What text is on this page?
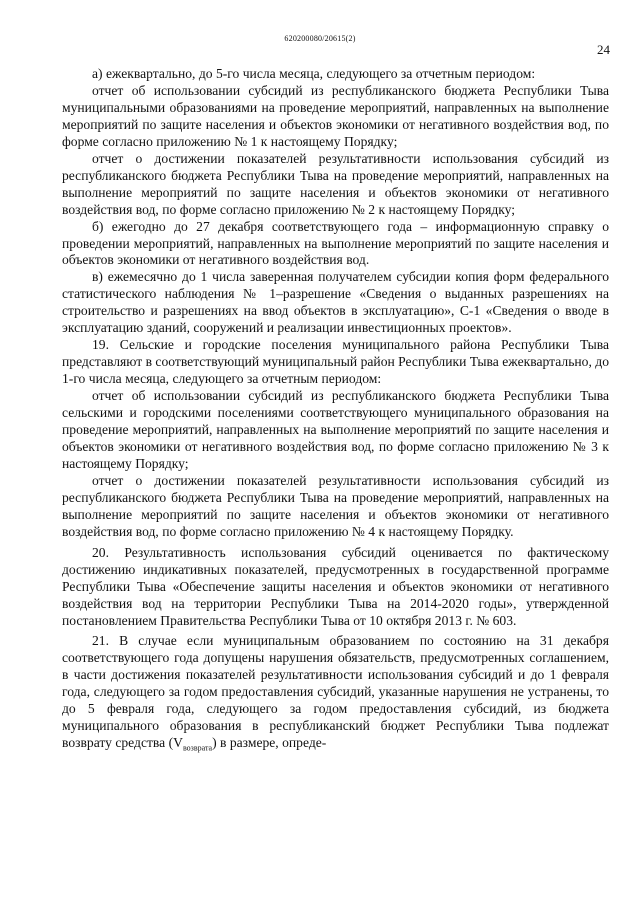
620200080/20615(2)
24

а) ежеквартально, до 5-го числа месяца, следующего за отчетным периодом:

отчет об использовании субсидий из республиканского бюджета Республики Тыва муниципальными образованиями на проведение мероприятий, направленных на выполнение мероприятий по защите населения и объектов экономики от негативного воздействия вод, по форме согласно приложению № 1 к настоящему Порядку;

отчет о достижении показателей результативности использования субсидий из республиканского бюджета Республики Тыва на проведение мероприятий, направленных на выполнение мероприятий по защите населения и объектов экономики от негативного воздействия вод, по форме согласно приложению № 2 к настоящему Порядку;

б) ежегодно до 27 декабря соответствующего года – информационную справку о проведении мероприятий, направленных на выполнение мероприятий по защите населения и объектов экономики от негативного воздействия вод.

в) ежемесячно до 1 числа заверенная получателем субсидии копия форм федерального статистического наблюдения № 1–разрешение «Сведения о выданных разрешениях на строительство и разрешениях на ввод объектов в эксплуатацию», С-1 «Сведения о вводе в эксплуатацию зданий, сооружений и реализации инвестиционных проектов».

19. Сельские и городские поселения муниципального района Республики Тыва представляют в соответствующий муниципальный район Республики Тыва ежeквартально, до 1-го числа месяца, следующего за отчетным периодом:

отчет об использовании субсидий из республиканского бюджета Республики Тыва сельскими и городскими поселениями соответствующего муниципального образования на проведение мероприятий, направленных на выполнение мероприятий по защите населения и объектов экономики от негативного воздействия вод, по форме согласно приложению № 3 к настоящему Порядку;

отчет о достижении показателей результативности использования субсидий из республиканского бюджета Республики Тыва на проведение мероприятий, направленных на выполнение мероприятий по защите населения и объектов экономики от негативного воздействия вод, по форме согласно приложению № 4 к настоящему Порядку.

20. Результативность использования субсидий оценивается по фактическому достижению индикативных показателей, предусмотренных в государственной программе Республики Тыва «Обеспечение защиты населения и объектов экономики от негативного воздействия вод на территории Республики Тыва на 2014-2020 годы», утвержденной постановлением Правительства Республики Тыва от 10 октября 2013 г. № 603.

21. В случае если муниципальным образованием по состоянию на 31 декабря соответствующего года допущены нарушения обязательств, предусмотренных соглашением, в части достижения показателей результативности использования субсидий и до 1 февраля года, следующего за годом предоставления субсидий, указанные нарушения не устранены, то до 5 февраля года, следующего за годом предоставления субсидий, из бюджета муниципального образования в республиканский бюджет Республики Тыва подлежат возврату средства $(V_{возврата})$ в размере, опреде-
